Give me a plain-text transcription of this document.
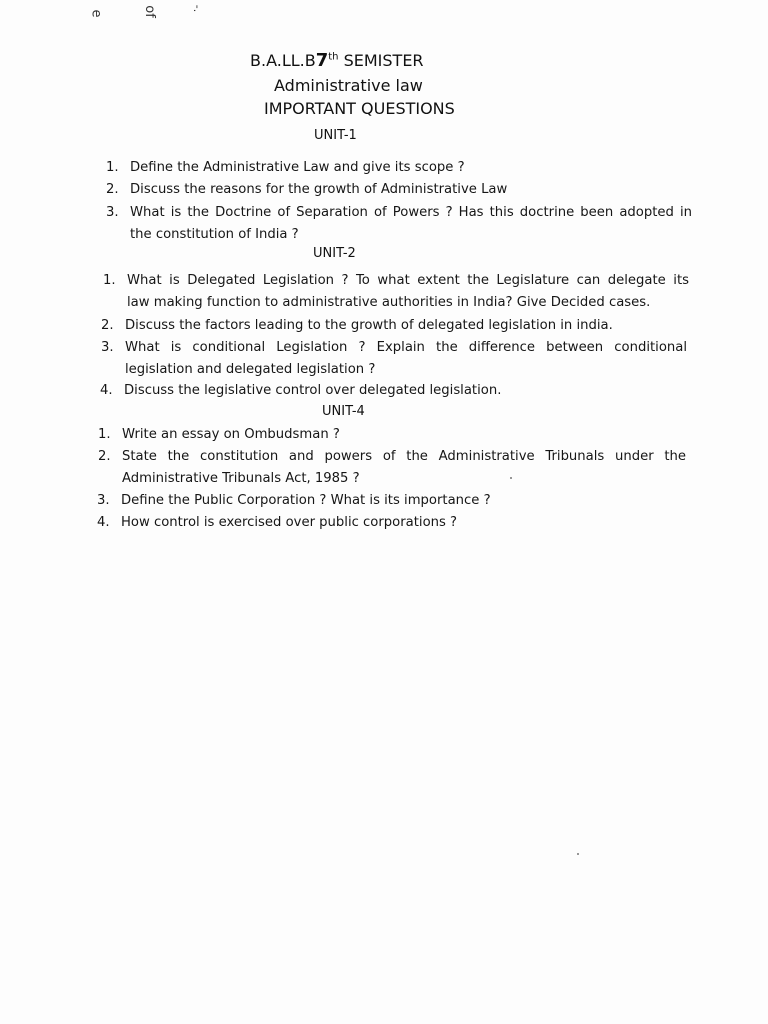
e	of	-.
B.A.LL.B7th SEMISTER
Administrative law
IMPORTANT QUESTIONS
UNIT-1
1. Define the Administrative Law and give its scope ?
2. Discuss the reasons for the growth of Administrative Law
3. What is the Doctrine of Separation of Powers ? Has this doctrine been adopted in
the constitution of India ?
UNIT-2
1. What is Delegated Legislation ? To what extent the Legislature can delegate its
law making function to administrative authorities in India? Give Decided cases.
2. Discuss the factors leading to the growth of delegated legislation in india.
3. What is conditional Legislation ? Explain the difference between conditional
legislation and delegated legislation ?
4. Discuss the legislative control over delegated legislation.
UNIT-4
1. Write an essay on Ombudsman ?
2. State the constitution and powers of the Administrative Tribunals under the
Administrative Tribunals Act, 1985 ?
3. Define the Public Corporation ? What is its importance ?
4. How control is exercised over public corporations ?
